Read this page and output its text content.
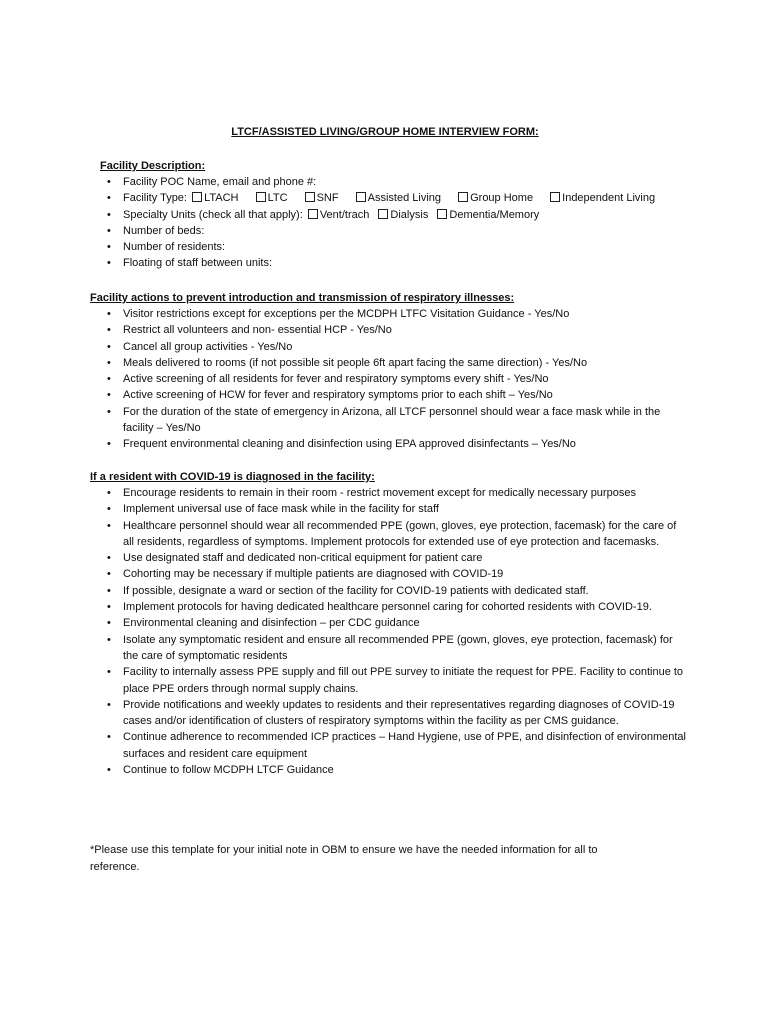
LTCF/ASSISTED LIVING/GROUP HOME INTERVIEW FORM:
Facility Description:
• Facility POC Name, email and phone #:
• Facility Type: LTACH	LTC	SNF	Assisted Living	Group Home	Independent Living
• Specialty Units (check all that apply): Vent/trach Dialysis Dementia/Memory
• Number of beds:
• Number of residents:
• Floating of staff between units:
Facility actions to prevent introduction and transmission of respiratory illnesses:
• Visitor restrictions except for exceptions per the MCDPH LTFC Visitation Guidance - Yes/No
• Restrict all volunteers and non- essential HCP - Yes/No
• Cancel all group activities - Yes/No
• Meals delivered to rooms (if not possible sit people 6ft apart facing the same direction) - Yes/No
• Active screening of all residents for fever and respiratory symptoms every shift - Yes/No
• Active screening of HCW for fever and respiratory symptoms prior to each shift – Yes/No
• For the duration of the state of emergency in Arizona, all LTCF personnel should wear a face mask while in the facility – Yes/No
• Frequent environmental cleaning and disinfection using EPA approved disinfectants – Yes/No
If a resident with COVID-19 is diagnosed in the facility:
• Encourage residents to remain in their room - restrict movement except for medically necessary purposes
• Implement universal use of face mask while in the facility for staff
• Healthcare personnel should wear all recommended PPE (gown, gloves, eye protection, facemask) for the care of all residents, regardless of symptoms. Implement protocols for extended use of eye protection and facemasks.
• Use designated staff and dedicated non-critical equipment for patient care
• Cohorting may be necessary if multiple patients are diagnosed with COVID-19
• If possible, designate a ward or section of the facility for COVID-19 patients with dedicated staff.
• Implement protocols for having dedicated healthcare personnel caring for cohorted residents with COVID-19.
• Environmental cleaning and disinfection – per CDC guidance
• Isolate any symptomatic resident and ensure all recommended PPE (gown, gloves, eye protection, facemask) for the care of symptomatic residents
• Facility to internally assess PPE supply and fill out PPE survey to initiate the request for PPE. Facility to continue to place PPE orders through normal supply chains.
• Provide notifications and weekly updates to residents and their representatives regarding diagnoses of COVID-19 cases and/or identification of clusters of respiratory symptoms within the facility as per CMS guidance.
• Continue adherence to recommended ICP practices – Hand Hygiene, use of PPE, and disinfection of environmental surfaces and resident care equipment
• Continue to follow MCDPH LTCF Guidance
*Please use this template for your initial note in OBM to ensure we have the needed information for all to reference.
